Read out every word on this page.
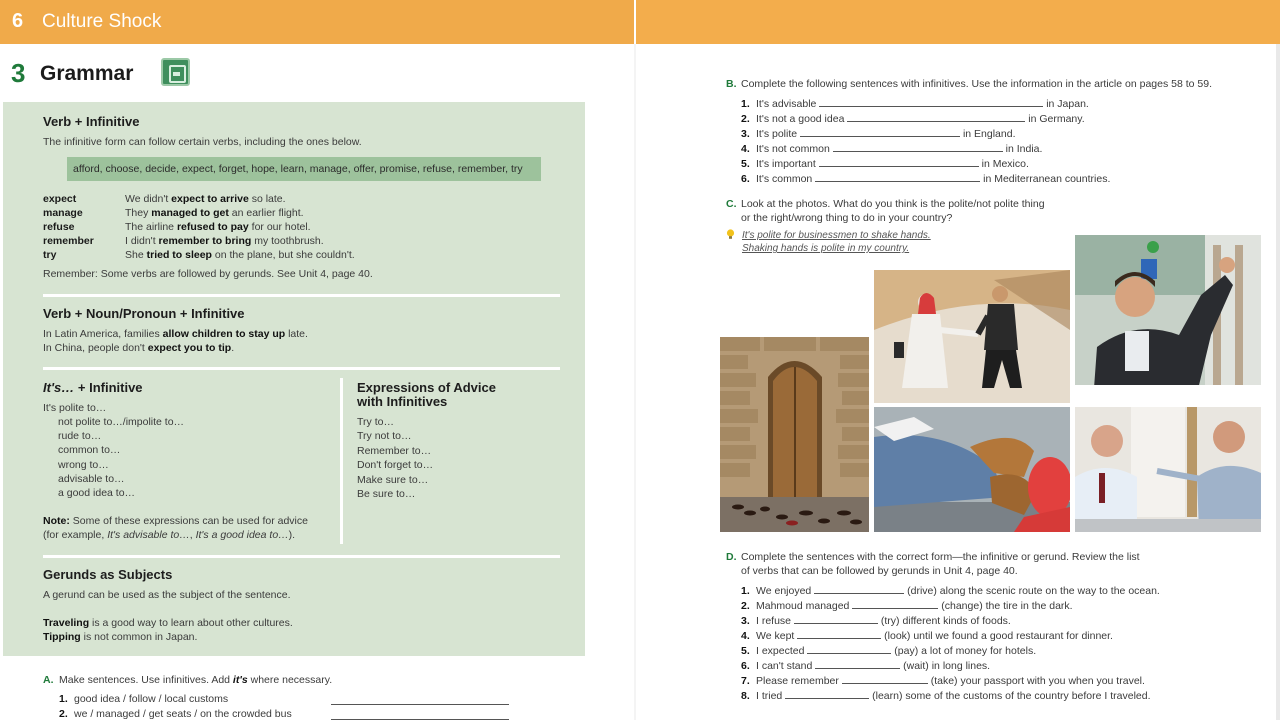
6 Culture Shock
3 Grammar
Verb + Infinitive
The infinitive form can follow certain verbs, including the ones below.
afford, choose, decide, expect, forget, hope, learn, manage, offer, promise, refuse, remember, try
expect	We didn't expect to arrive so late.
manage	They managed to get an earlier flight.
refuse	The airline refused to pay for our hotel.
remember	I didn't remember to bring my toothbrush.
try	She tried to sleep on the plane, but she couldn't.
Remember: Some verbs are followed by gerunds. See Unit 4, page 40.
Verb + Noun/Pronoun + Infinitive
In Latin America, families allow children to stay up late.
In China, people don't expect you to tip.
It's… + Infinitive
It's polite to…
not polite to…/impolite to…
rude to…
common to…
wrong to…
advisable to…
a good idea to…
Note: Some of these expressions can be used for advice
(for example, It's advisable to…, It's a good idea to…).
Expressions of Advice
with Infinitives
Try to…
Try not to…
Remember to…
Don't forget to…
Make sure to…
Be sure to…
Gerunds as Subjects
A gerund can be used as the subject of the sentence.
Traveling is a good way to learn about other cultures.
Tipping is not common in Japan.
A. Make sentences. Use infinitives. Add it's where necessary.
1. good idea / follow / local customs
2. we / managed / get seats / on the crowded bus
B. Complete the following sentences with infinitives. Use the information in the article on pages 58 to 59.
1. It's advisable	in Japan.
2. It's not a good idea	in Germany.
3. It's polite	in England.
4. It's not common	in India.
5. It's important	in Mexico.
6. It's common	in Mediterranean countries.
C. Look at the photos. What do you think is the polite/not polite thing
or the right/wrong thing to do in your country?
It's polite for businessmen to shake hands.
Shaking hands is polite in my country.
D. Complete the sentences with the correct form—the infinitive or gerund. Review the list
of verbs that can be followed by gerunds in Unit 4, page 40.
1. We enjoyed	(drive) along the scenic route on the way to the ocean.
2. Mahmoud managed	(change) the tire in the dark.
3. I refuse	(try) different kinds of foods.
4. We kept	(look) until we found a good restaurant for dinner.
5. I expected	(pay) a lot of money for hotels.
6. I can't stand	(wait) in long lines.
7. Please remember	(take) your passport with you when you travel.
8. I tried	(learn) some of the customs of the country before I traveled.
